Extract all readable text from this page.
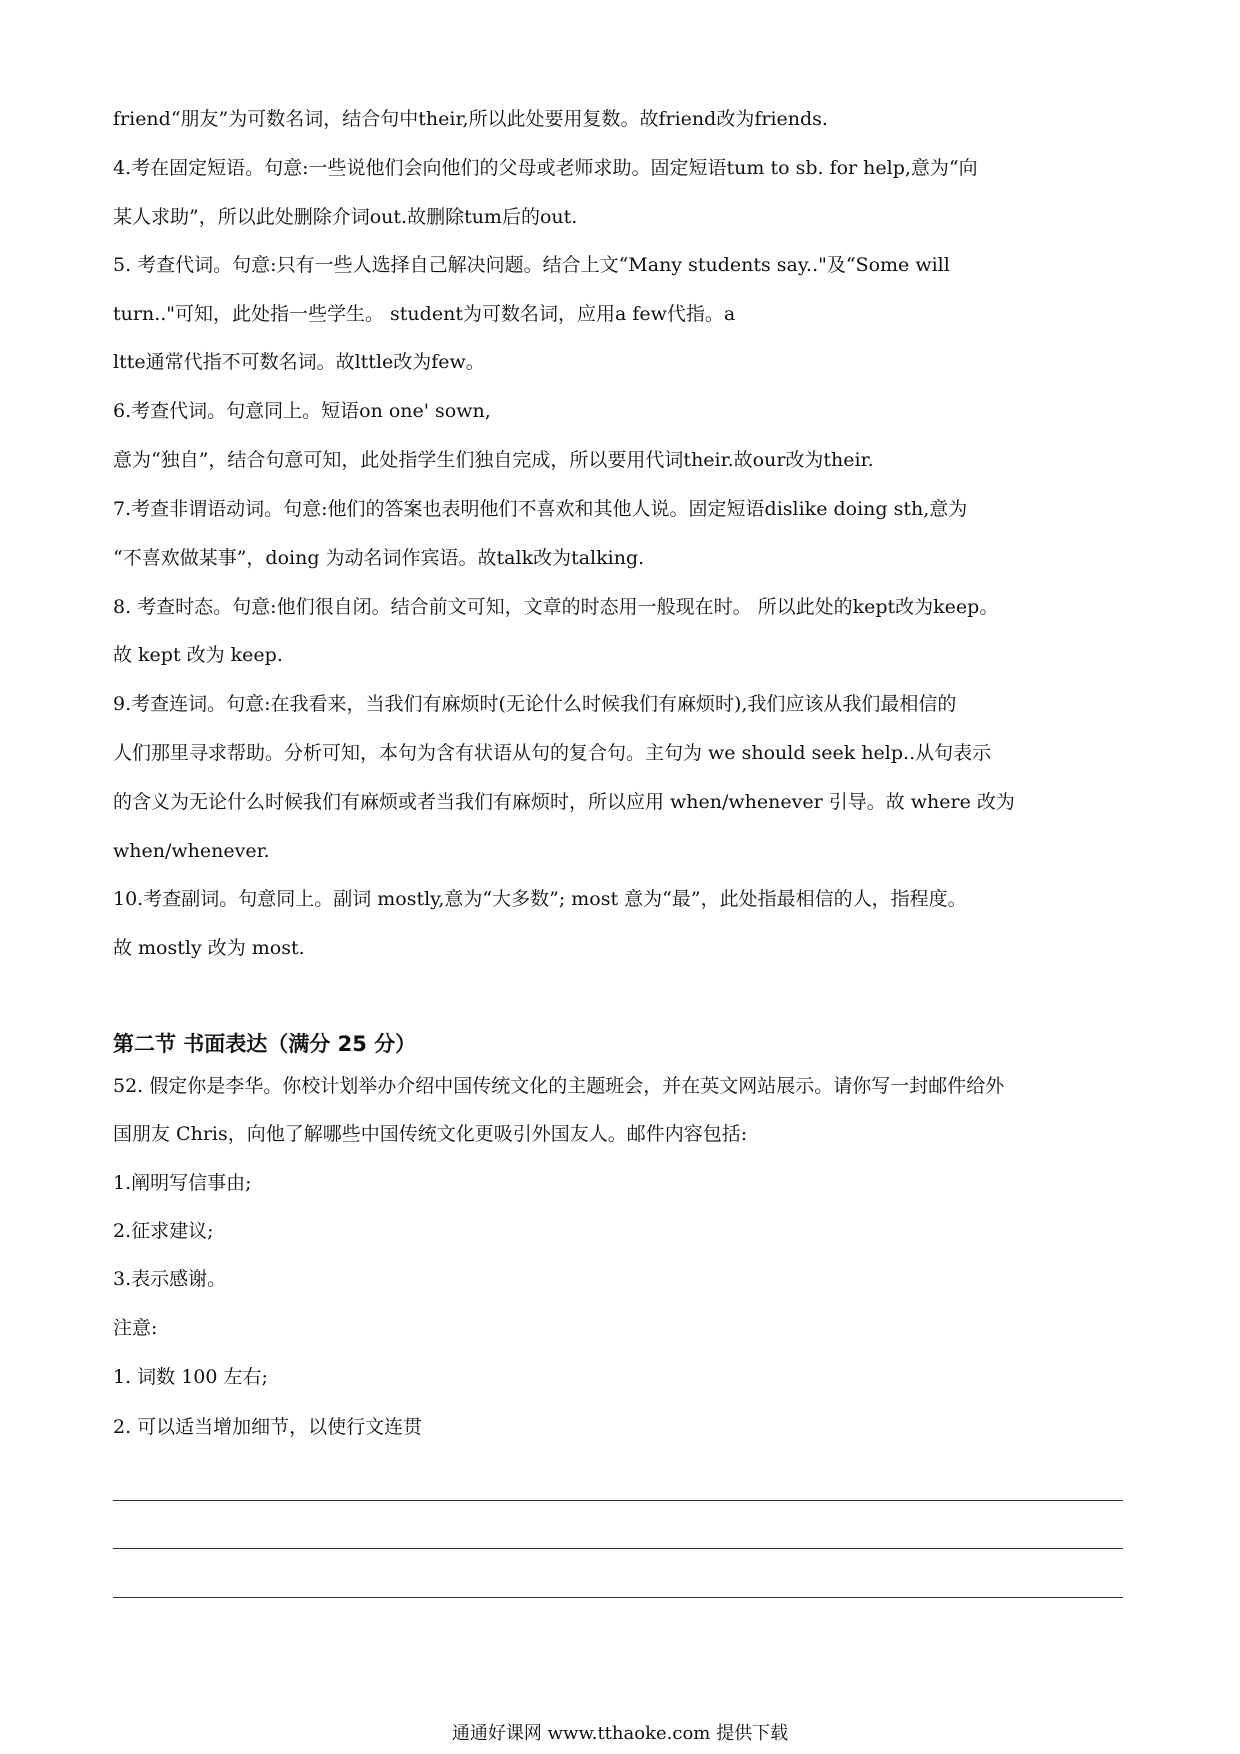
friend“朋友”为可数名词，结合句中their,所以此处要用复数。故friend改为friends.
4.考在固定短语。句意:一些说他们会向他们的父母或老师求助。固定短语tum to sb. for help,意为“向
某人求助”，所以此处删除介词out.故删除tum后的out.
5. 考查代词。句意:只有一些人选择自己解决问题。结合上文“Many students say.."及“Some will
turn.."可知，此处指一些学生。 student为可数名词，应用a few代指。a
ltte通常代指不可数名词。故lttle改为few。
6.考查代词。句意同上。短语on one' sown,
意为“独自”，结合句意可知，此处指学生们独自完成，所以要用代词their.故our改为their.
7.考查非谓语动词。句意:他们的答案也表明他们不喜欢和其他人说。固定短语dislike doing sth,意为
“不喜欢做某事”，doing 为动名词作宾语。故talk改为talking.
8. 考查时态。句意:他们很自闭。结合前文可知，文章的时态用一般现在时。 所以此处的kept改为keep。
故 kept 改为 keep.
9.考查连词。句意:在我看来，当我们有麻烦时(无论什么时候我们有麻烦时),我们应该从我们最相信的
人们那里寻求帮助。分析可知，本句为含有状语从句的复合句。主句为 we should seek help..从句表示
的含义为无论什么时候我们有麻烦或者当我们有麻烦时，所以应用 when/whenever 引导。故 where 改为
when/whenever.
10.考查副词。句意同上。副词 mostly,意为“大多数”; most 意为“最”，此处指最相信的人，指程度。
故 mostly 改为 most.
第二节 书面表达（满分 25 分）
52. 假定你是李华。你校计划举办介绍中国传统文化的主题班会，并在英文网站展示。请你写一封邮件给外
国朋友 Chris，向他了解哪些中国传统文化更吸引外国友人。邮件内容包括:
1.阐明写信事由;
2.征求建议;
3.表示感谢。
注意:
1. 词数 100 左右;
2. 可以适当增加细节，以使行文连贯
通通好课网 www.tthaoke.com 提供下载
